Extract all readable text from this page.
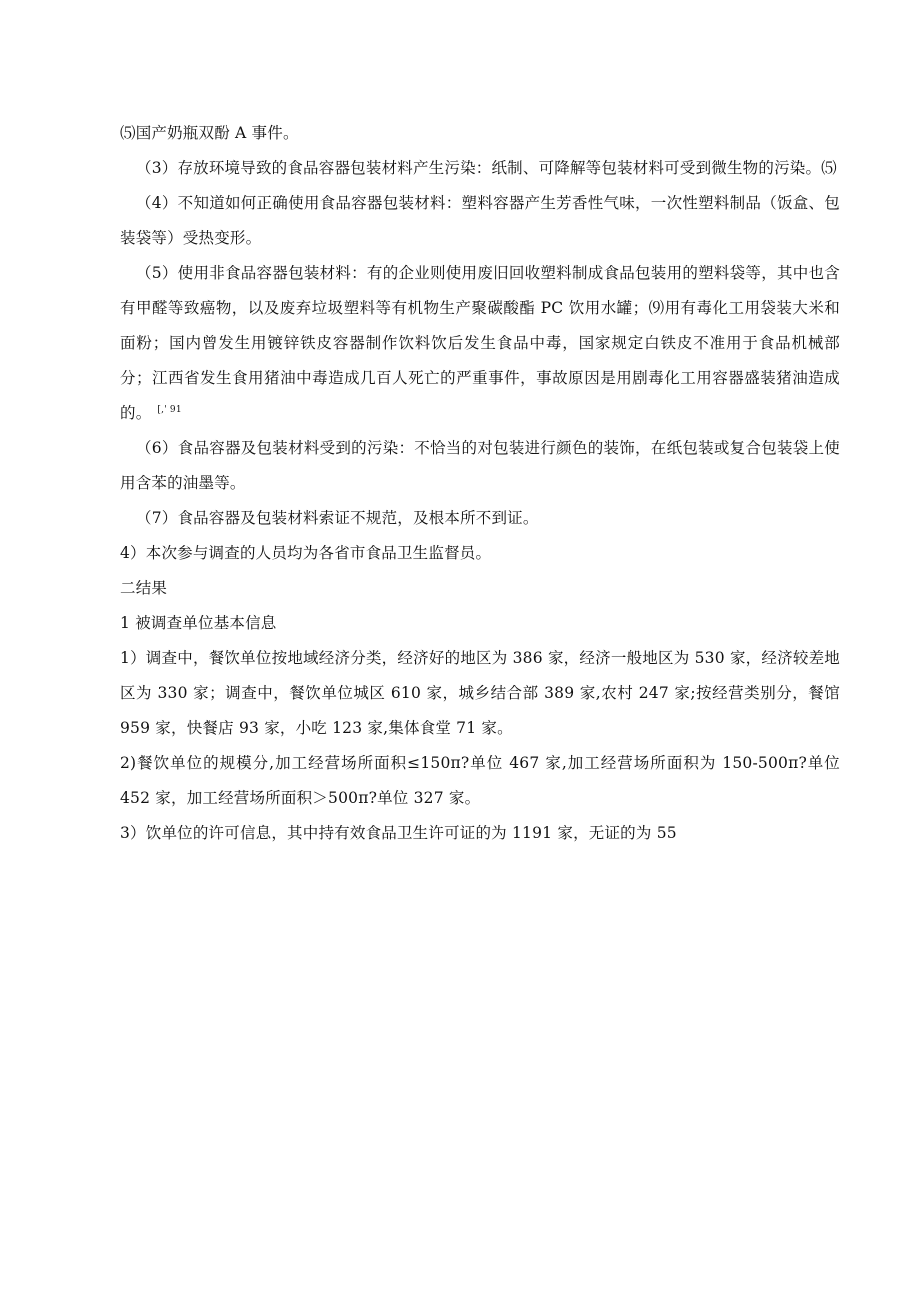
⑸国产奶瓶双酚 A 事件。

（3）存放环境导致的食品容器包装材料产生污染：纸制、可降解等包装材料可受到微生物的污染。⑸

（4）不知道如何正确使用食品容器包装材料：塑料容器产生芳香性气味，一次性塑料制品（饭盒、包装袋等）受热变形。

（5）使用非食品容器包装材料：有的企业则使用废旧回收塑料制成食品包装用的塑料袋等，其中也含有甲醛等致癌物，以及废弃垃圾塑料等有机物生产聚碳酸酯 PC 饮用水罐；⑼用有毒化工用袋装大米和面粉；国内曾发生用镀锌铁皮容器制作饮料饮后发生食品中毒，国家规定白铁皮不准用于食品机械部分；江西省发生食用猪油中毒造成几百人死亡的严重事件，事故原因是用剧毒化工用容器盛装猪油造成的。 $^{[,' 91}$

（6）食品容器及包装材料受到的污染：不恰当的对包装进行颜色的装饰，在纸包装或复合包装袋上使用含苯的油墨等。

（7）食品容器及包装材料索证不规范，及根本所不到证。

4）本次参与调查的人员均为各省市食品卫生监督员。

二结果

1 被调查单位基本信息

1）调查中，餐饮单位按地域经济分类，经济好的地区为 386 家，经济一般地区为 530 家，经济较差地区为 330 家；调查中，餐饮单位城区 610 家，城乡结合部 389 家,农村 247 家;按经营类别分，餐馆 959 家，快餐店 93 家，小吃 123 家,集体食堂 71 家。

2)餐饮单位的规模分,加工经营场所面积≤150π?单位 467 家,加工经营场所面积为 150-500π?单位 452 家，加工经营场所面积＞500π?单位 327 家。

3）饮单位的许可信息，其中持有效食品卫生许可证的为 1191 家，无证的为 55
